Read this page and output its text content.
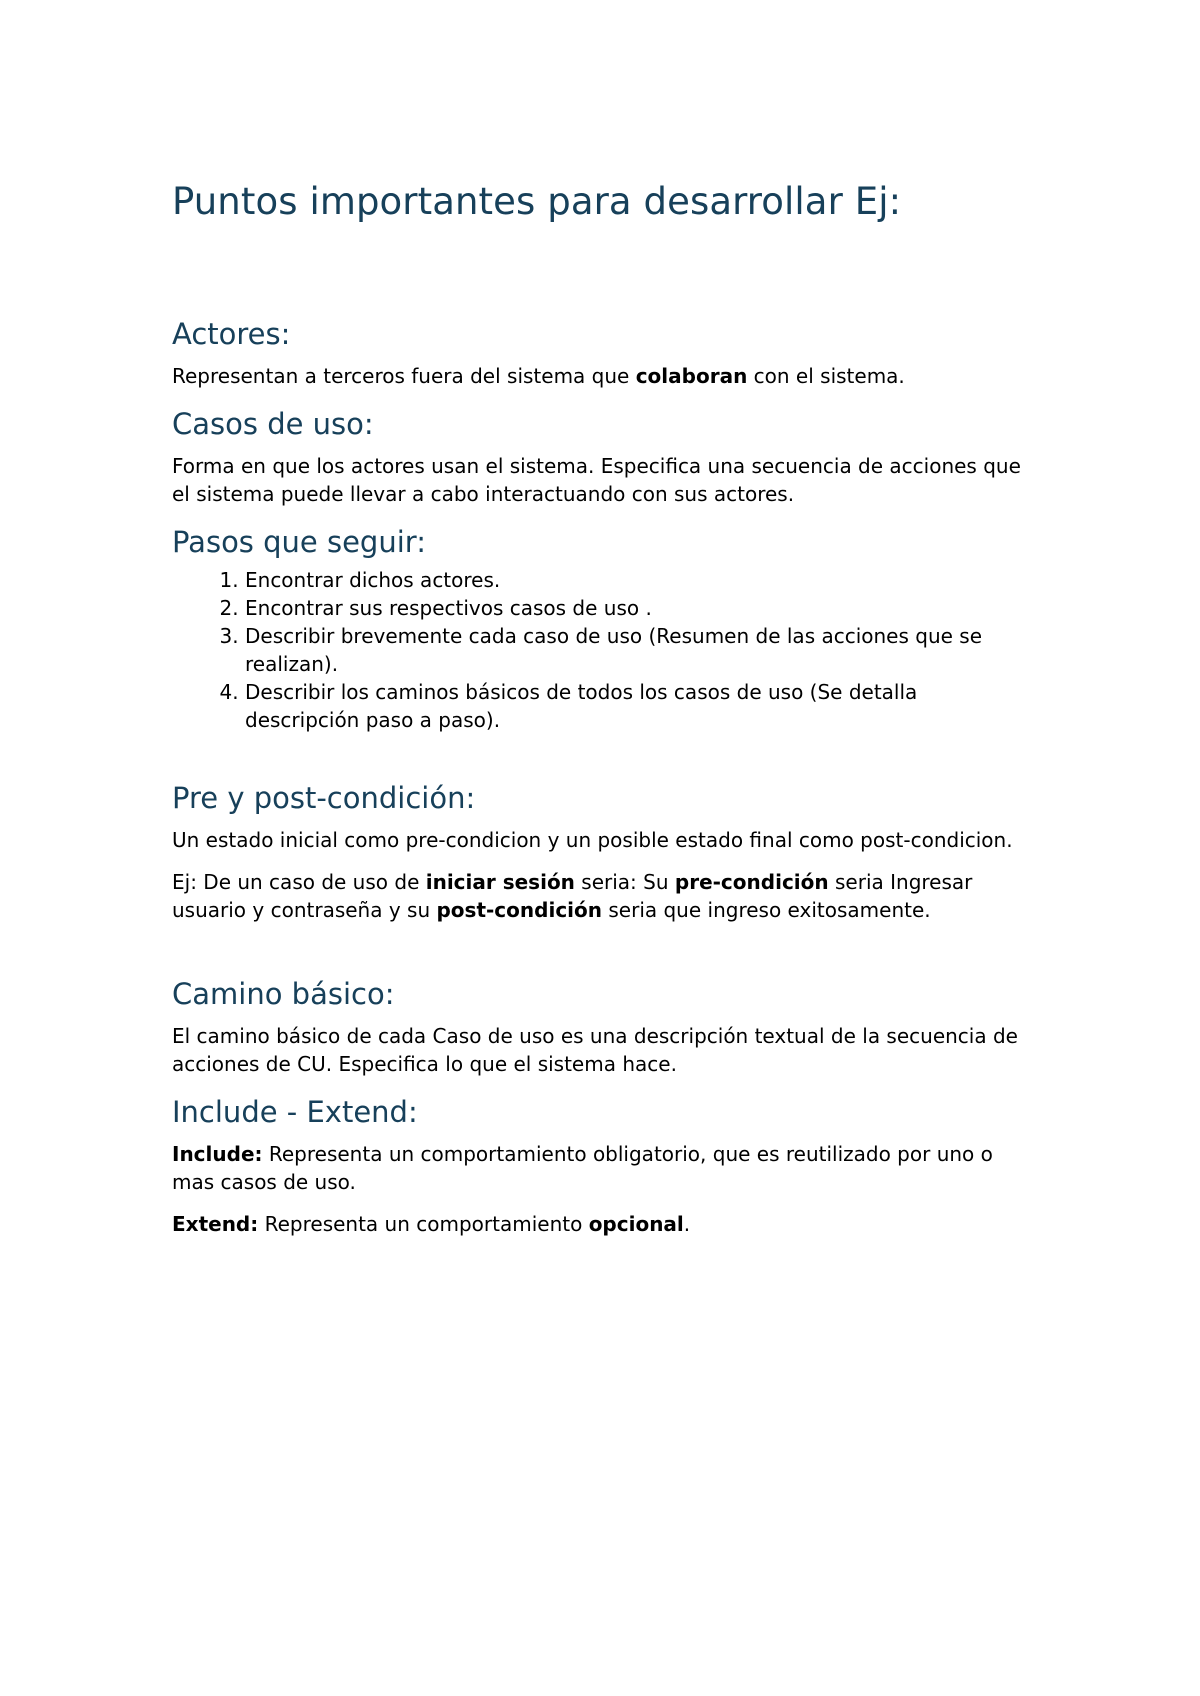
Puntos importantes para desarrollar Ej:
Actores:

Representan a terceros fuera del sistema que colaboran con el sistema.

Casos de uso:

Forma en que los actores usan el sistema. Especifica una secuencia de acciones que el sistema puede llevar a cabo interactuando con sus actores.

Pasos que seguir:
1. Encontrar dichos actores.
2. Encontrar sus respectivos casos de uso .
3. Describir brevemente cada caso de uso (Resumen de las acciones que se realizan).
4. Describir los caminos básicos de todos los casos de uso (Se detalla descripción paso a paso).
Pre y post-condición:

Un estado inicial como pre-condicion y un posible estado final como post-condicion.

Ej: De un caso de uso de iniciar sesión seria: Su pre-condición seria Ingresar usuario y contraseña y su post-condición seria que ingreso exitosamente.

Camino básico:

El camino básico de cada Caso de uso es una descripción textual de la secuencia de acciones de CU. Especifica lo que el sistema hace.

Include - Extend:

Include: Representa un comportamiento obligatorio, que es reutilizado por uno o mas casos de uso.

Extend: Representa un comportamiento opcional.
